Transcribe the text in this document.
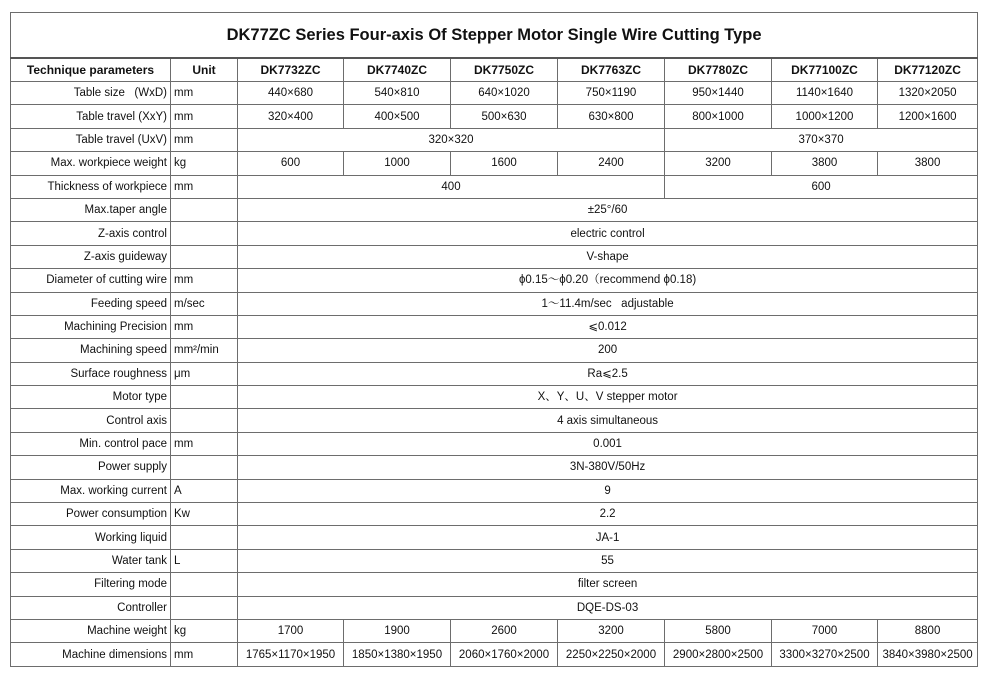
DK77ZC Series Four-axis Of Stepper Motor Single Wire Cutting Type								
Technique parameters	Unit	DK7732ZC	DK7740ZC	DK7750ZC	DK7763ZC	DK7780ZC	DK77100ZC	DK77120ZC
Table size   (WxD)	mm	440×680	540×810	640×1020	750×1190	950×1440	1140×1640	1320×2050
Table travel (XxY)	mm	320×400	400×500	500×630	630×800	800×1000	1000×1200	1200×1600
Table travel (UxV)	mm	320×320				370×370		
Max. workpiece weight	kg	600	1000	1600	2400	3200	3800	3800
Thickness of workpiece	mm	400				600		
Max.taper angle		±25°/60						
Z-axis control		electric control						
Z-axis guideway		V-shape						
Diameter of cutting wire	mm	ϕ0.15～ϕ0.20（recommend ϕ0.18)						
Feeding speed	m/sec	1～11.4m/sec   adjustable						
Machining Precision	mm	⩽0.012						
Machining speed	mm²/min	200						
Surface roughness	μm	Ra⩽2.5						
Motor type		X、Y、U、V stepper motor						
Control axis		4 axis simultaneous						
Min. control pace	mm	0.001						
Power supply		3N-380V/50Hz						
Max. working current	A	9						
Power consumption	Kw	2.2						
Working liquid		JA-1						
Water tank	L	55						
Filtering mode		filter screen						
Controller		DQE-DS-03						
Machine weight	kg	1700	1900	2600	3200	5800	7000	8800
Machine dimensions	mm	1765×1170×1950	1850×1380×1950	2060×1760×2000	2250×2250×2000	2900×2800×2500	3300×3270×2500	3840×3980×2500
